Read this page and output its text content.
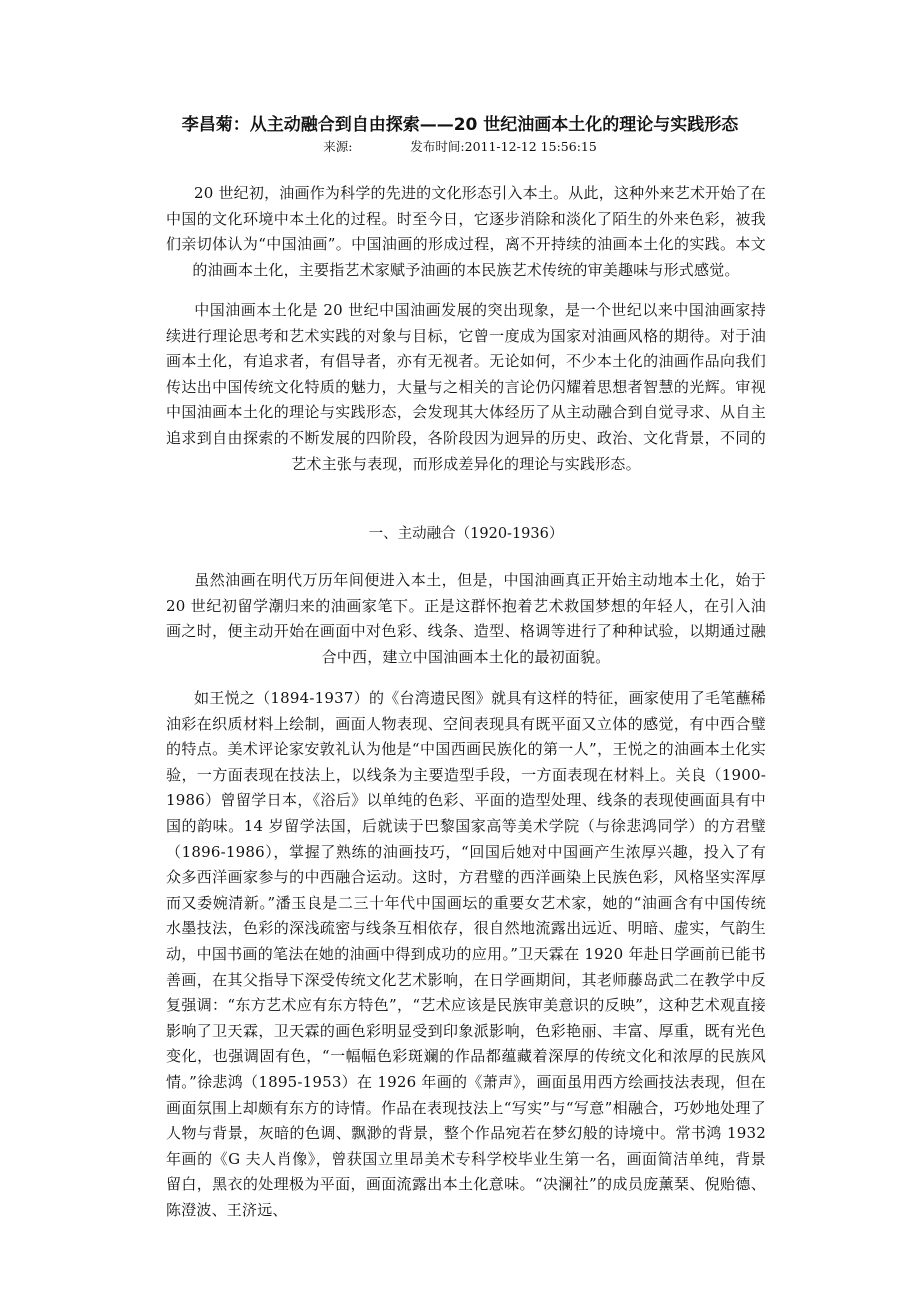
李昌菊：从主动融合到自由探索——20 世纪油画本土化的理论与实践形态
来源:	发布时间:2011-12-12 15:56:15

20 世纪初，油画作为科学的先进的文化形态引入本土。从此，这种外来艺术开始了在中国的文化环境中本土化的过程。时至今日，它逐步消除和淡化了陌生的外来色彩，被我们亲切体认为“中国油画”。中国油画的形成过程，离不开持续的油画本土化的实践。本文的油画本土化，主要指艺术家赋予油画的本民族艺术传统的审美趣味与形式感觉。

中国油画本土化是 20 世纪中国油画发展的突出现象，是一个世纪以来中国油画家持续进行理论思考和艺术实践的对象与目标，它曾一度成为国家对油画风格的期待。对于油画本土化，有追求者，有倡导者，亦有无视者。无论如何，不少本土化的油画作品向我们传达出中国传统文化特质的魅力，大量与之相关的言论仍闪耀着思想者智慧的光辉。审视中国油画本土化的理论与实践形态，会发现其大体经历了从主动融合到自觉寻求、从自主追求到自由探索的不断发展的四阶段，各阶段因为迥异的历史、政治、文化背景，不同的艺术主张与表现，而形成差异化的理论与实践形态。

一、主动融合（1920-1936）

虽然油画在明代万历年间便进入本土，但是，中国油画真正开始主动地本土化，始于 20 世纪初留学潮归来的油画家笔下。正是这群怀抱着艺术救国梦想的年轻人，在引入油画之时，便主动开始在画面中对色彩、线条、造型、格调等进行了种种试验，以期通过融合中西，建立中国油画本土化的最初面貌。

如王悦之（1894-1937）的《台湾遗民图》就具有这样的特征，画家使用了毛笔蘸稀油彩在织质材料上绘制，画面人物表现、空间表现具有既平面又立体的感觉，有中西合璧的特点。美术评论家安敦礼认为他是“中国西画民族化的第一人”，王悦之的油画本土化实验，一方面表现在技法上，以线条为主要造型手段，一方面表现在材料上。关良（1900-1986）曾留学日本，《浴后》以单纯的色彩、平面的造型处理、线条的表现使画面具有中国的韵味。14 岁留学法国，后就读于巴黎国家高等美术学院（与徐悲鸿同学）的方君璧（1896-1986），掌握了熟练的油画技巧，“回国后她对中国画产生浓厚兴趣，投入了有众多西洋画家参与的中西融合运动。这时，方君璧的西洋画染上民族色彩，风格坚实浑厚而又委婉清新。”潘玉良是二三十年代中国画坛的重要女艺术家，她的“油画含有中国传统水墨技法，色彩的深浅疏密与线条互相依存，很自然地流露出远近、明暗、虚实，气韵生动，中国书画的笔法在她的油画中得到成功的应用。”卫天霖在 1920 年赴日学画前已能书善画，在其父指导下深受传统文化艺术影响，在日学画期间，其老师藤岛武二在教学中反复强调：“东方艺术应有东方特色”，“艺术应该是民族审美意识的反映”，这种艺术观直接影响了卫天霖，卫天霖的画色彩明显受到印象派影响，色彩艳丽、丰富、厚重，既有光色变化，也强调固有色，“一幅幅色彩斑斓的作品都蕴藏着深厚的传统文化和浓厚的民族风情。”徐悲鸿（1895-1953）在 1926 年画的《萧声》，画面虽用西方绘画技法表现，但在画面氛围上却颇有东方的诗情。作品在表现技法上“写实”与“写意”相融合，巧妙地处理了人物与背景，灰暗的色调、飘渺的背景，整个作品宛若在梦幻般的诗境中。常书鸿 1932 年画的《G 夫人肖像》，曾获国立里昂美术专科学校毕业生第一名，画面简洁单纯，背景留白，黑衣的处理极为平面，画面流露出本土化意味。“决澜社”的成员庞薰琹、倪贻德、陈澄波、王济远、
